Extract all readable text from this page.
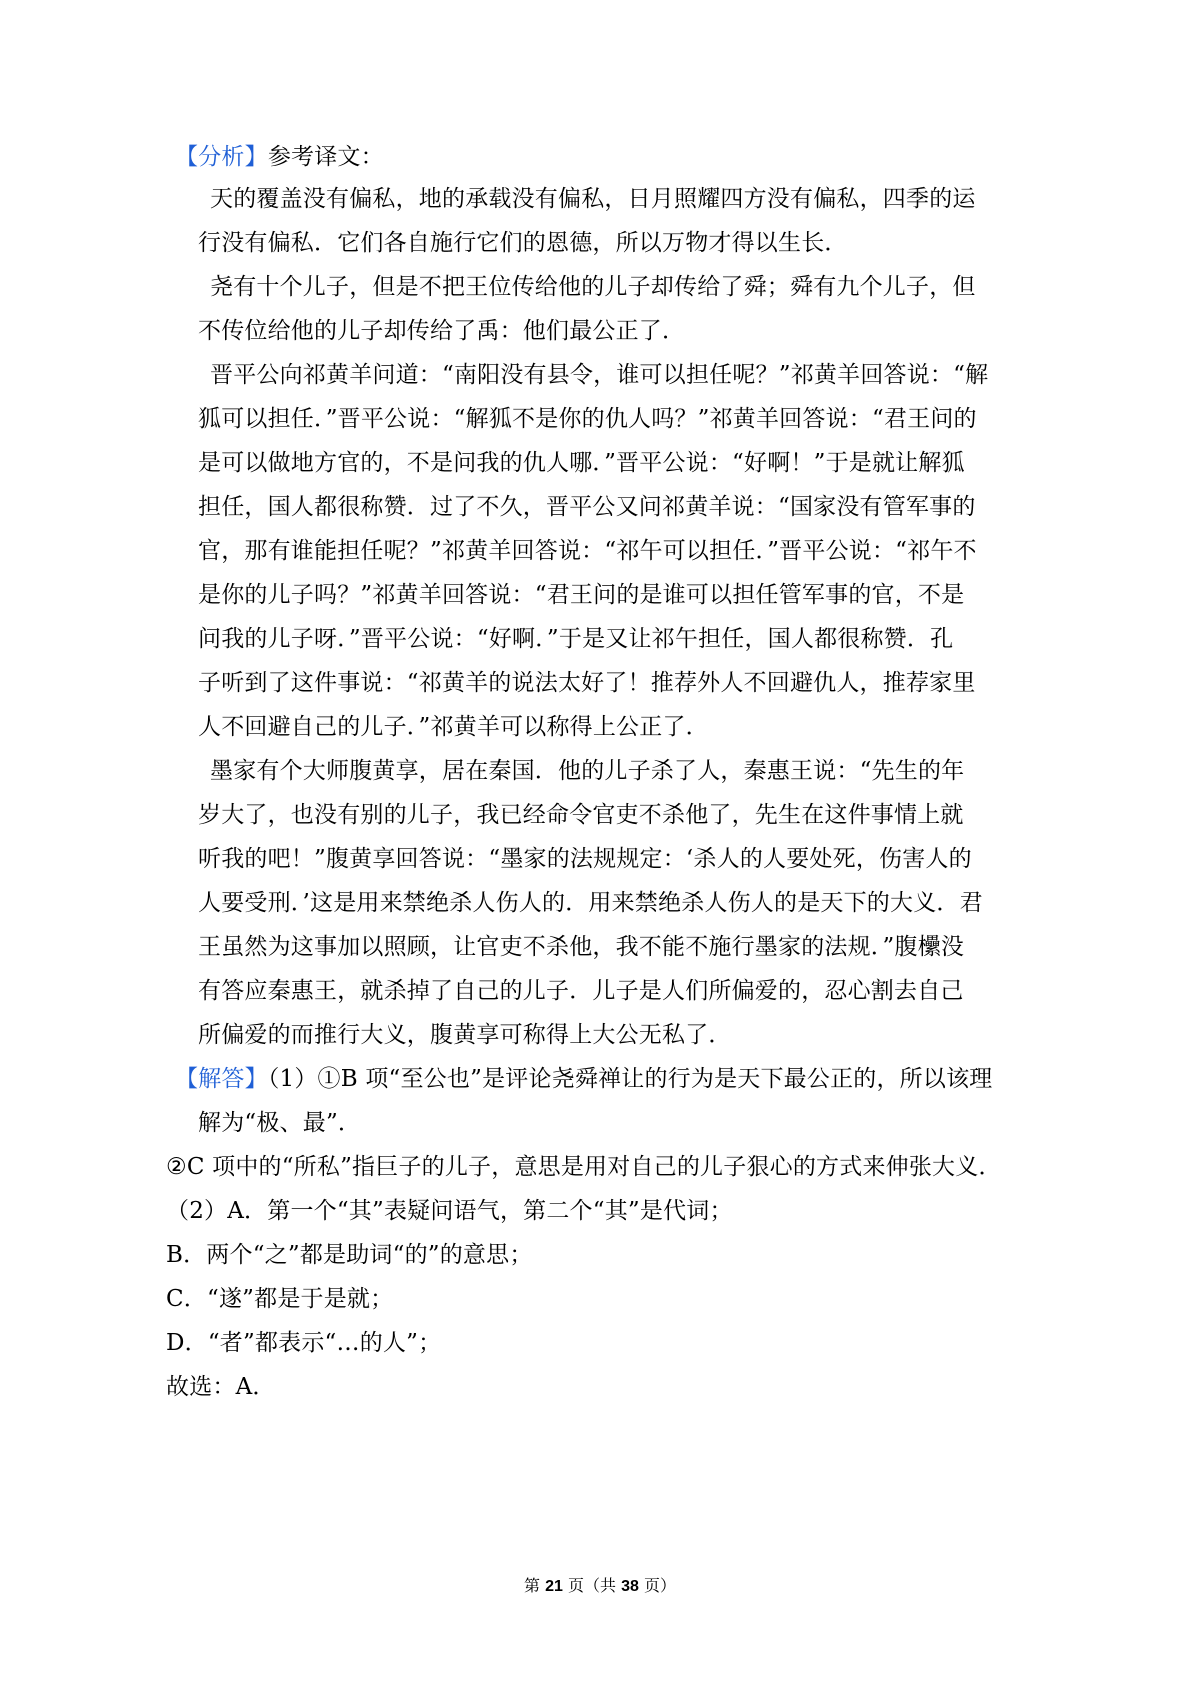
【分析】参考译文：
天的覆盖没有偏私，地的承载没有偏私，日月照耀四方没有偏私，四季的运
行没有偏私．它们各自施行它们的恩德，所以万物才得以生长．
尧有十个儿子，但是不把王位传给他的儿子却传给了舜；舜有九个儿子，但
不传位给他的儿子却传给了禹：他们最公正了．
晋平公向祁黄羊问道：“南阳没有县令，谁可以担任呢？”祁黄羊回答说：“解
狐可以担任．”晋平公说：“解狐不是你的仇人吗？”祁黄羊回答说：“君王问的
是可以做地方官的，不是问我的仇人哪．”晋平公说：“好啊！”于是就让解狐
担任，国人都很称赞．过了不久，晋平公又问祁黄羊说：“国家没有管军事的
官，那有谁能担任呢？”祁黄羊回答说：“祁午可以担任．”晋平公说：“祁午不
是你的儿子吗？”祁黄羊回答说：“君王问的是谁可以担任管军事的官，不是
问我的儿子呀．”晋平公说：“好啊．”于是又让祁午担任，国人都很称赞．孔
子听到了这件事说：“祁黄羊的说法太好了！推荐外人不回避仇人，推荐家里
人不回避自己的儿子．”祁黄羊可以称得上公正了．
墨家有个大师腹黄享，居在秦国．他的儿子杀了人，秦惠王说：“先生的年
岁大了，也没有别的儿子，我已经命令官吏不杀他了，先生在这件事情上就
听我的吧！”腹黄享回答说：“墨家的法规规定：‘杀人的人要处死，伤害人的
人要受刑．’这是用来禁绝杀人伤人的．用来禁绝杀人伤人的是天下的大义．君
王虽然为这事加以照顾，让官吏不杀他，我不能不施行墨家的法规．”腹欙没
有答应秦惠王，就杀掉了自己的儿子．儿子是人们所偏爱的，忍心割去自己
所偏爱的而推行大义，腹黄享可称得上大公无私了．
【解答】（1）①B 项“至公也”是评论尧舜禅让的行为是天下最公正的，所以该理
解为“极、最”．
②C 项中的“所私”指巨子的儿子，意思是用对自己的儿子狠心的方式来伸张大义．
（2）A．第一个“其”表疑问语气，第二个“其”是代词；
B．两个“之”都是助词“的”的意思；
C．“遂”都是于是就；
D．“者”都表示“…的人”；
故选：A．
第 21 页（共 38 页）
